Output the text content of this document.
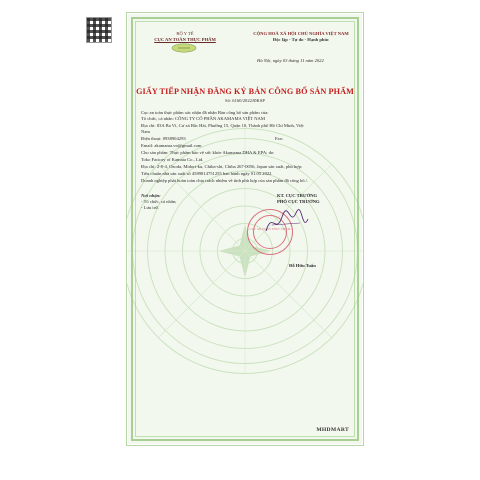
BỘ Y TẾ
CỤC AN TOÀN THỰC PHẨM
CỘNG HOÀ XÃ HỘI CHỦ NGHĨA VIỆT NAM
Độc lập - Tự do - Hạnh phúc
Hà Nội, ngày 03 tháng 11 năm 2022
GIẤY TIẾP NHẬN ĐĂNG KÝ BẢN CÔNG BỐ SẢN PHẨM
Số: 6160/2022/ĐKSP
Cục an toàn thực phẩm xác nhận đã nhận Bản công bố sản phẩm của:
Tổ chức, cá nhân: CÔNG TY CỔ PHẦN AKAMAMA VIỆT NAM
Địa chỉ: 83A Ba Vì, Cư xá Bắc Hải, Phường 15, Quận 10, Thành phố Hồ Chí Minh, Việt
Nam
Điện thoại: 0938904293	Fax:
Email: akamama.vn@gmail.com
Cho sản phẩm: Thực phẩm bảo vệ sức khỏe Akamama DHA & EPA; do:
Toko Factory of Kamata Co., Ltd.
Địa chỉ: 2-8-4, Ozoda, Midori-ku, Chiba-shi, Chiba 267-0056, Japan sản xuất, phù hợp:
Tiêu chuẩn nhà sản xuất số 4589814751255 ban hành ngày 01.05.2022
Doanh nghiệp phải hoàn toàn chịu trách nhiệm về tính phù hợp của sản phẩm đã công bố./.
Nơi nhận:
- Tổ chức, cá nhân;
- Lưu trữ.
KT. CỤC TRƯỞNG
PHÓ CỤC TRƯỞNG
CỤC AN TOÀN THỰC PHẨM
Đỗ Hữu Tuấn
MHDMART
